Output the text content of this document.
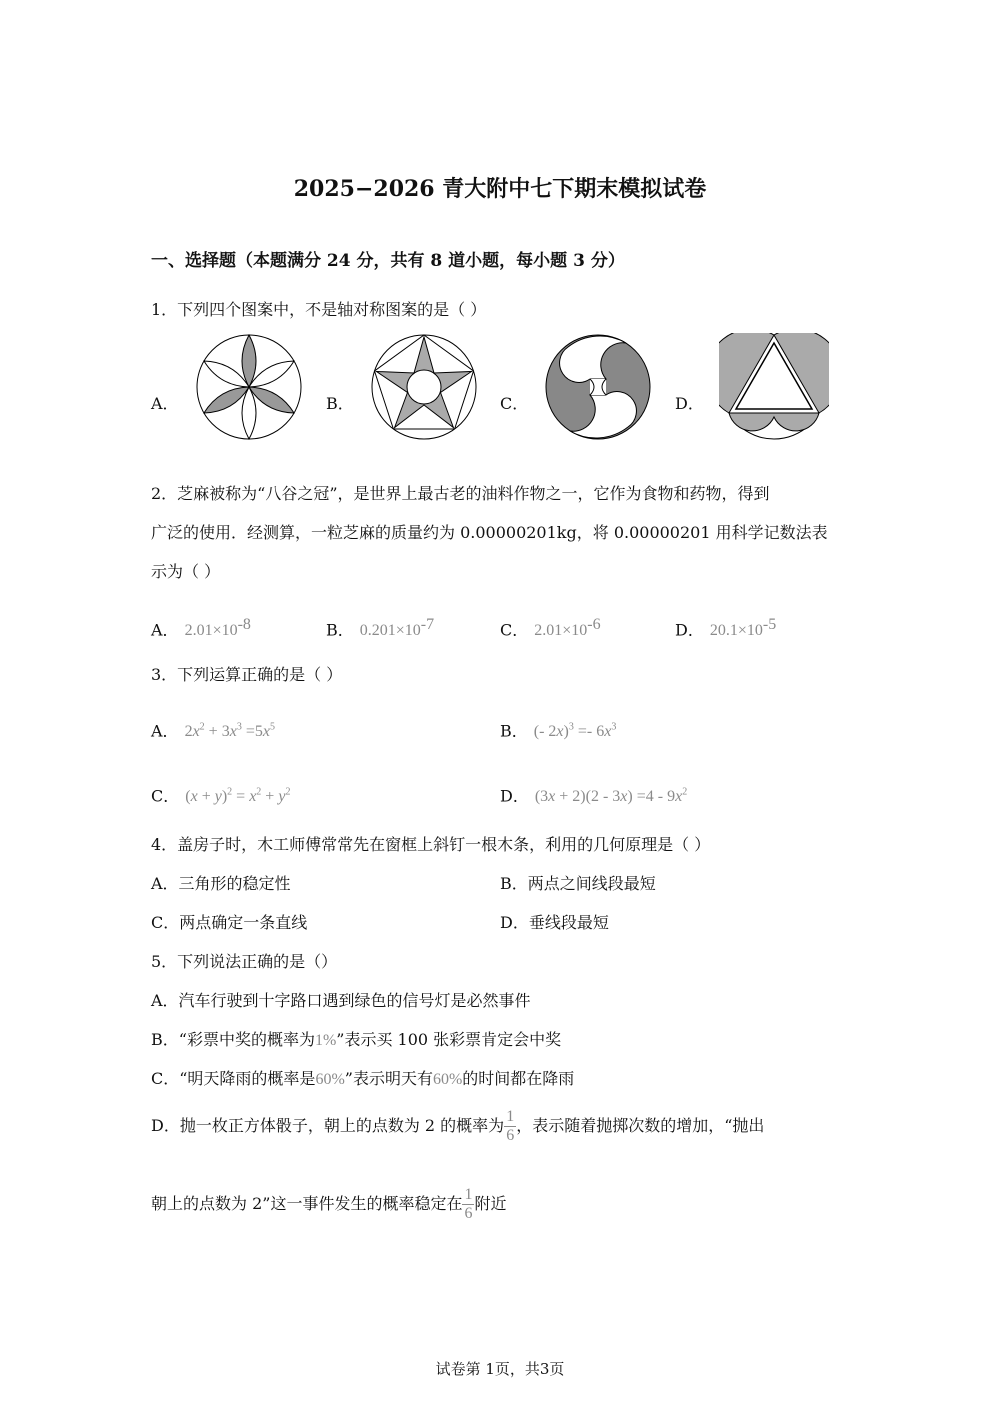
2025−2026 青大附中七下期末模拟试卷
一、选择题（本题满分 24 分，共有 8 道小题，每小题 3 分）
1．下列四个图案中，不是轴对称图案的是（ ）
A．	B．	C．	D．
2．芝麻被称为“八谷之冠”，是世界上最古老的油料作物之一，它作为食物和药物，得到
广泛的使用．经测算，一粒芝麻的质量约为 0.00000201kg，将 0.00000201 用科学记数法表
示为（ ）
A． $2.01\times 10^{-8}$	B． $0.201\times 10^{-7}$	C． $2.01\times 10^{-6}$	D． $20.1\times 10^{-5}$
3．下列运算正确的是（ ）
A． $2x^2 + 3x^3 =5x^5$	B． (- $2x)^3 =- 6x^3$
C． $(x + y)^2 = x^2 + y^2$	D． $(3x + 2)(2 - 3x) =4 - 9x^2$
4．盖房子时，木工师傅常常先在窗框上斜钉一根木条，利用的几何原理是（ ）
A．三角形的稳定性	B．两点之间线段最短
C．两点确定一条直线	D．垂线段最短
5．下列说法正确的是（）
A．汽车行驶到十字路口遇到绿色的信号灯是必然事件
B．“彩票中奖的概率为1%”表示买 100 张彩票肯定会中奖
C．“明天降雨的概率是60%”表示明天有60%的时间都在降雨
D．抛一枚正方体骰子，朝上的点数为 2 的概率为 $\frac{1}{6}$ ，表示随着抛掷次数的增加，“抛出
朝上的点数为 2”这一事件发生的概率稳定在 $\frac{1}{6}$ 附近
试卷第 1页，共3页
